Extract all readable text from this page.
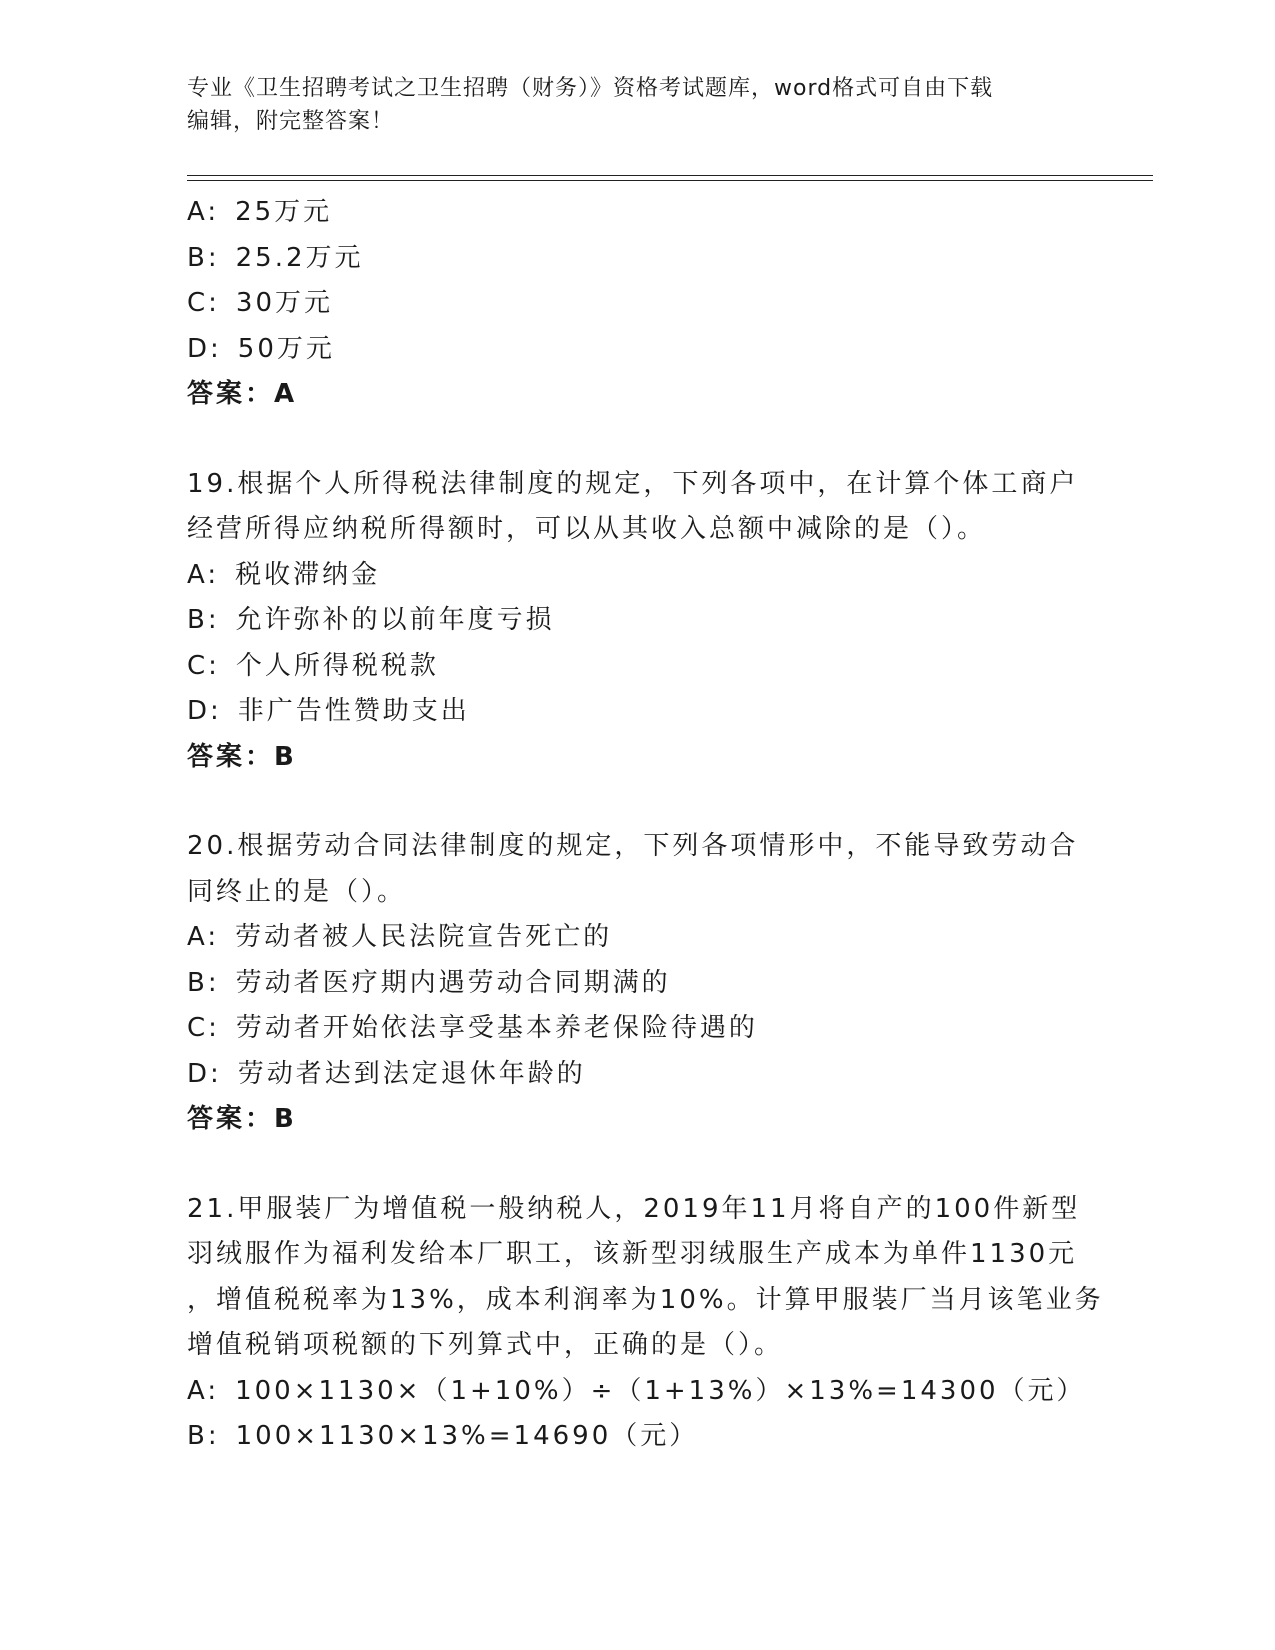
专业《卫生招聘考试之卫生招聘（财务）》资格考试题库，word格式可自由下载
编辑，附完整答案！
A: 25万元
B: 25.2万元
C: 30万元
D: 50万元
答案：A
19.根据个人所得税法律制度的规定，下列各项中，在计算个体工商户
经营所得应纳税所得额时，可以从其收入总额中减除的是（）。
A: 税收滞纳金
B: 允许弥补的以前年度亏损
C: 个人所得税税款
D: 非广告性赞助支出
答案：B
20.根据劳动合同法律制度的规定，下列各项情形中，不能导致劳动合
同终止的是（）。
A: 劳动者被人民法院宣告死亡的
B: 劳动者医疗期内遇劳动合同期满的
C: 劳动者开始依法享受基本养老保险待遇的
D: 劳动者达到法定退休年龄的
答案：B
21.甲服装厂为增值税一般纳税人，2019年11月将自产的100件新型
羽绒服作为福利发给本厂职工，该新型羽绒服生产成本为单件1130元
，增值税税率为13%，成本利润率为10%。计算甲服装厂当月该笔业务
增值税销项税额的下列算式中，正确的是（）。
A: 100×1130×（1+10%）÷（1+13%）×13%=14300（元）
B: 100×1130×13%=14690（元）
